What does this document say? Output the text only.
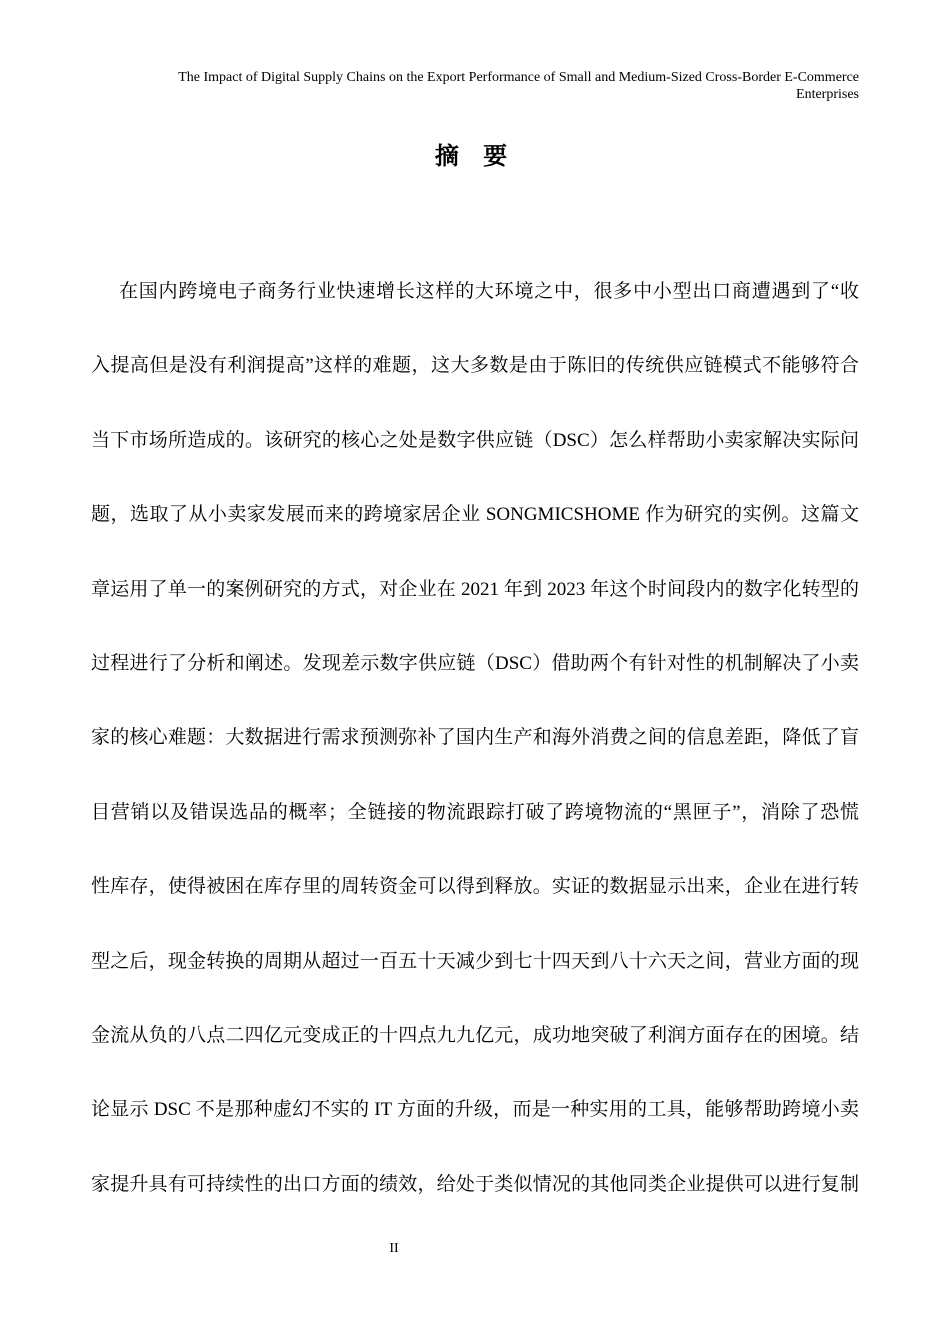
The Impact of Digital Supply Chains on the Export Performance of Small and Medium-Sized Cross-Border E-Commerce Enterprises
摘 要
在国内跨境电子商务行业快速增长这样的大环境之中，很多中小型出口商遭遇到了“收
入提高但是没有利润提高”这样的难题，这大多数是由于陈旧的传统供应链模式不能够符合
当下市场所造成的。该研究的核心之处是数字供应链（DSC）怎么样帮助小卖家解决实际问
题，选取了从小卖家发展而来的跨境家居企业 SONGMICSHOME 作为研究的实例。这篇文
章运用了单一的案例研究的方式，对企业在 2021 年到 2023 年这个时间段内的数字化转型的
过程进行了分析和阐述。发现差示数字供应链（DSC）借助两个有针对性的机制解决了小卖
家的核心难题：大数据进行需求预测弥补了国内生产和海外消费之间的信息差距，降低了盲
目营销以及错误选品的概率；全链接的物流跟踪打破了跨境物流的“黑匣子”，消除了恐慌
性库存，使得被困在库存里的周转资金可以得到释放。实证的数据显示出来，企业在进行转
型之后，现金转换的周期从超过一百五十天减少到七十四天到八十六天之间，营业方面的现
金流从负的八点二四亿元变成正的十四点九九亿元，成功地突破了利润方面存在的困境。结
论显示 DSC 不是那种虚幻不实的 IT 方面的升级，而是一种实用的工具，能够帮助跨境小卖
家提升具有可持续性的出口方面的绩效，给处于类似情况的其他同类企业提供可以进行复制
II
